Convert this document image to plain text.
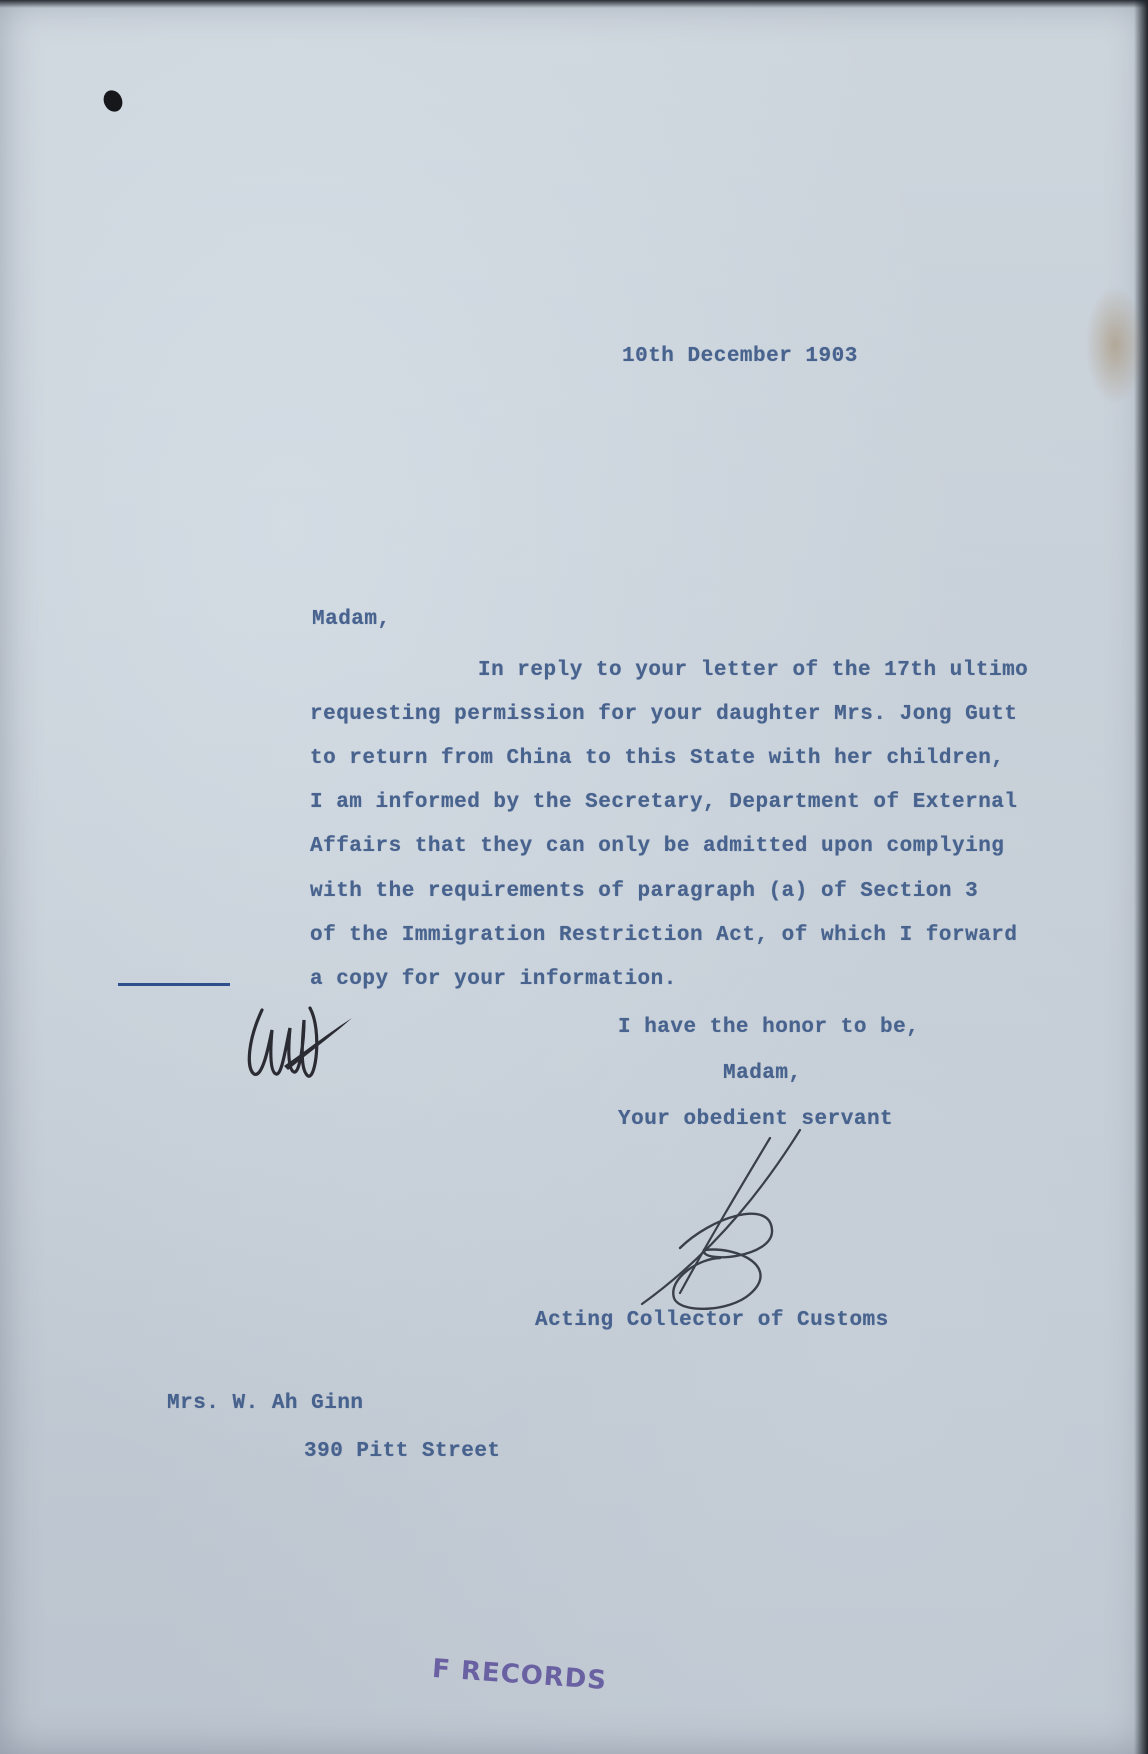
10th December 1903
Madam,
In reply to your letter of the 17th ultimo
requesting permission for your daughter Mrs. Jong Gutt
to return from China to this State with her children,
I am informed by the Secretary, Department of External
Affairs that they can only be admitted upon complying
with the requirements of paragraph (a) of Section 3
of the Immigration Restriction Act, of which I forward
a copy for your information.
I have the honor to be,
Madam,
Your obedient servant
Acting Collector of Customs
Mrs. W. Ah Ginn
390 Pitt Street
F RECORDS
